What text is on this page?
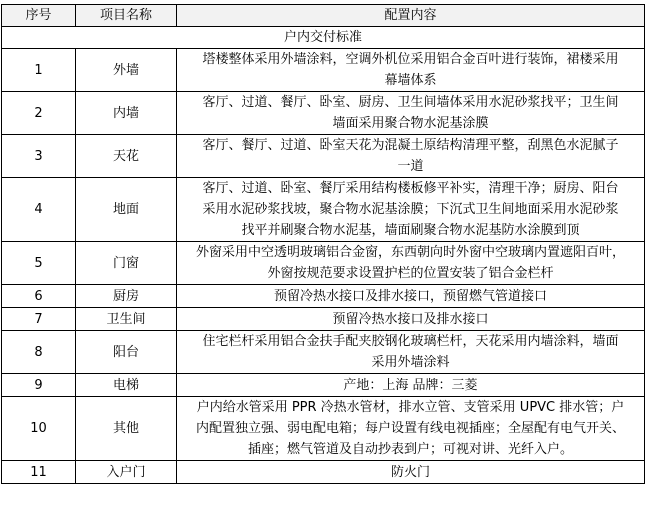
序号	项目名称	配置内容
户内交付标准		
1	外墙	塔楼整体采用外墙涂料，空调外机位采用铝合金百叶进行装饰，裙楼采用
幕墙体系

2	内墙	客厅、过道、餐厅、卧室、厨房、卫生间墙体采用水泥砂浆找平；卫生间
墙面采用聚合物水泥基涂膜

3	天花	客厅、餐厅、过道、卧室天花为混凝土原结构清理平整，刮黑色水泥腻子
一道

4	地面	客厅、过道、卧室、餐厅采用结构楼板修平补实，清理干净；厨房、阳台
采用水泥砂浆找坡，聚合物水泥基涂膜；下沉式卫生间地面采用水泥砂浆
找平并刷聚合物水泥基，墙面刷聚合物水泥基防水涂膜到顶

5	门窗	外窗采用中空透明玻璃铝合金窗，东西朝向时外窗中空玻璃内置遮阳百叶，
外窗按规范要求设置护栏的位置安装了铝合金栏杆

6	厨房	预留冷热水接口及排水接口，预留燃气管道接口

7	卫生间	预留冷热水接口及排水接口

8	阳台	住宅栏杆采用铝合金扶手配夹胶钢化玻璃栏杆，天花采用内墙涂料，墙面
采用外墙涂料

9	电梯	产地：上海 品牌：三菱

10	其他	户内给水管采用 PPR 冷热水管材，排水立管、支管采用 UPVC 排水管；户
内配置独立强、弱电配电箱；每户设置有线电视插座；全屋配有电气开关、
插座；燃气管道及自动抄表到户；可视对讲、光纤入户。

11	入户门	防火门
